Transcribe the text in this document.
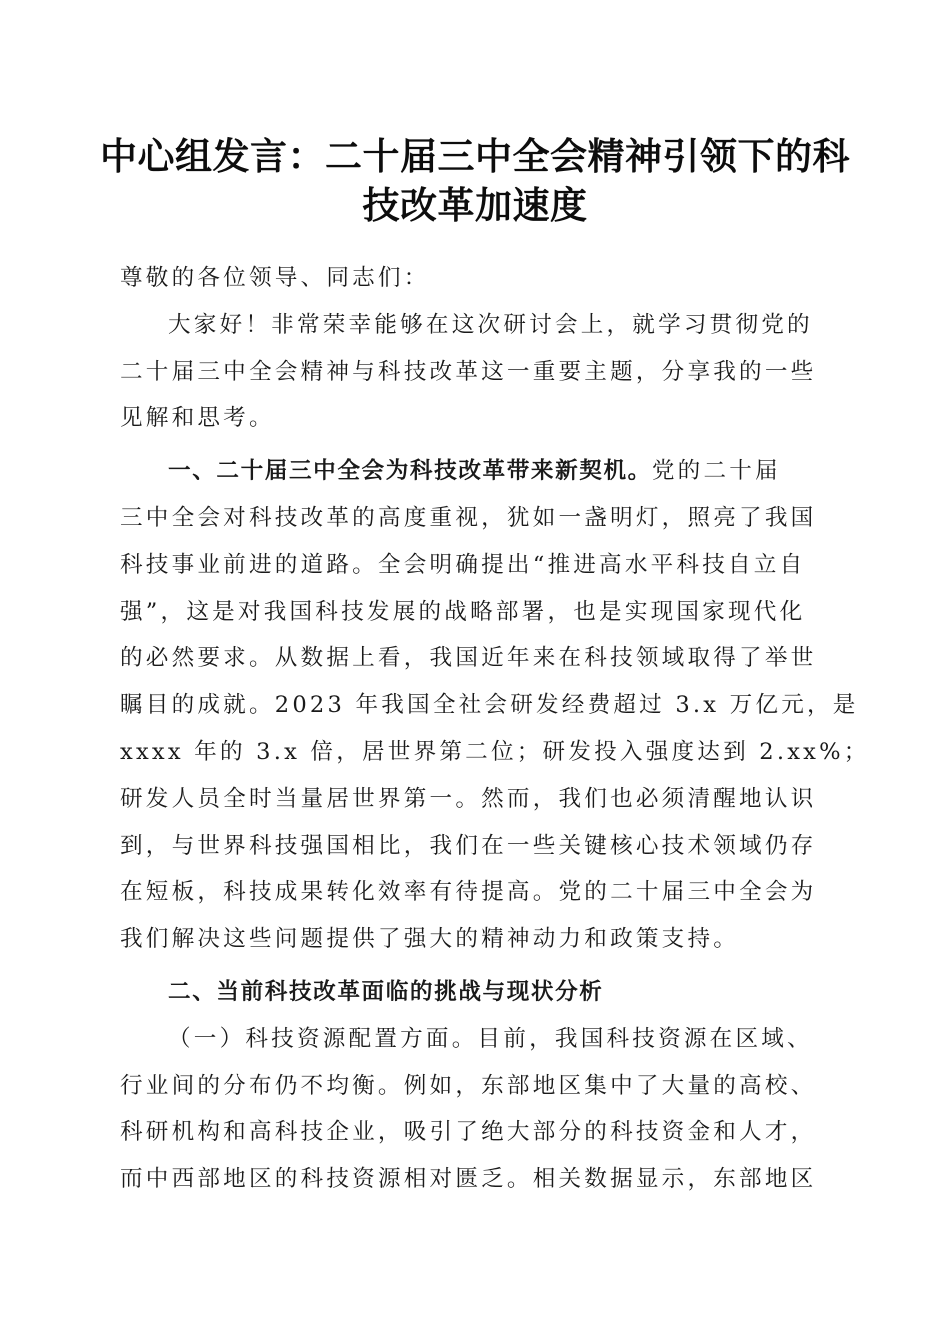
中心组发言：二十届三中全会精神引领下的科
技改革加速度
尊敬的各位领导、同志们：
大家好！非常荣幸能够在这次研讨会上，就学习贯彻党的
二十届三中全会精神与科技改革这一重要主题，分享我的一些
见解和思考。
一、二十届三中全会为科技改革带来新契机。党的二十届
三中全会对科技改革的高度重视，犹如一盏明灯，照亮了我国
科技事业前进的道路。全会明确提出“推进高水平科技自立自
强”，这是对我国科技发展的战略部署，也是实现国家现代化
的必然要求。从数据上看，我国近年来在科技领域取得了举世
瞩目的成就。2023 年我国全社会研发经费超过 3.x 万亿元，是
xxxx 年的 3.x 倍，居世界第二位；研发投入强度达到 2.xx%；
研发人员全时当量居世界第一。然而，我们也必须清醒地认识
到，与世界科技强国相比，我们在一些关键核心技术领域仍存
在短板，科技成果转化效率有待提高。党的二十届三中全会为
我们解决这些问题提供了强大的精神动力和政策支持。
二、当前科技改革面临的挑战与现状分析
（一）科技资源配置方面。目前，我国科技资源在区域、
行业间的分布仍不均衡。例如，东部地区集中了大量的高校、
科研机构和高科技企业，吸引了绝大部分的科技资金和人才，
而中西部地区的科技资源相对匮乏。相关数据显示，东部地区
